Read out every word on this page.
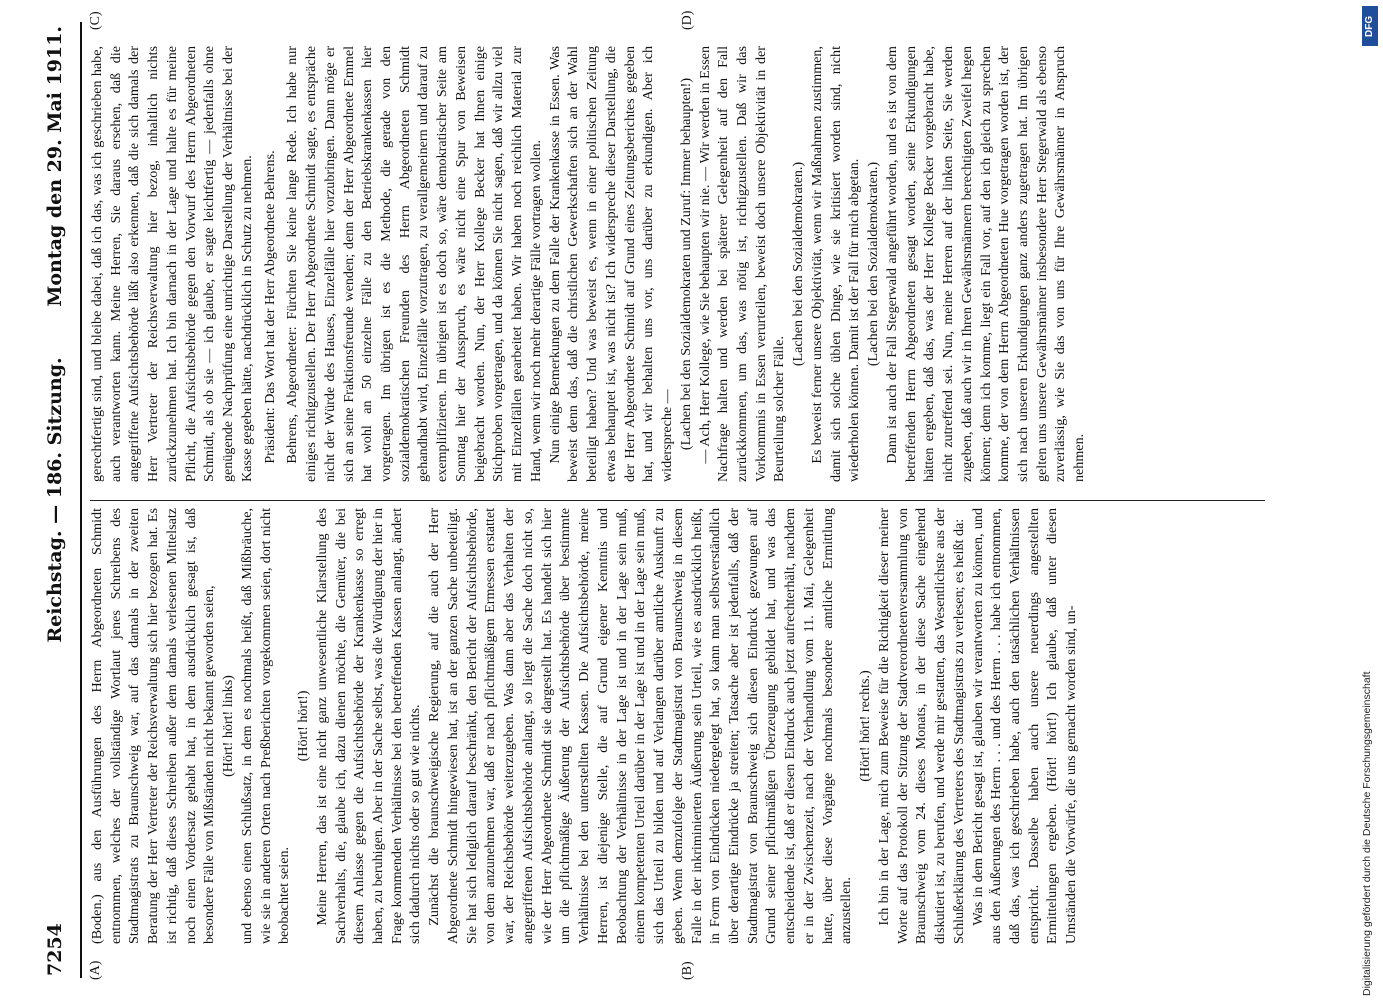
7254
Reichstag. — 186. Sitzung.
Montag den 29. Mai 1911.
(A)	(B)
(C)	(D)

(Boden.) aus den Ausführungen des Herrn Abgeordneten Schmidt entnommen, welches der vollständige Wortlaut jenes Schreibens des Stadtmagistrats zu Braunschweig war, auf das damals in der zweiten Beratung der Herr Vertreter der Reichsverwaltung sich hier bezogen hat. Es ist richtig, daß dieses Schreiben außer dem damals verlesenen Mittelsatz noch einen Vordersatz gehabt hat, in dem ausdrücklich gesagt ist, daß besondere Fälle von Mißständen nicht bekannt geworden seien, (Hört! hört! links) und ebenso einen Schlußsatz, in dem es nochmals heißt, daß Mißbräuche, wie sie in anderen Orten nach Preßberichten vorgekommen seien, dort nicht beobachtet seien.

(Hört! hört!) Meine Herren, das ist eine nicht ganz unwesentliche Klarstellung des Sachverhalts, die, glaube ich, dazu dienen möchte, die Gemüter, die bei diesem Anlasse gegen die Aufsichtsbehörde der Krankenkasse so erregt haben, zu beruhigen. Aber in der Sache selbst, was die Würdigung der hier in Frage kommenden Verhältnisse bei den betreffenden Kassen anlangt, ändert sich dadurch nichts oder so gut wie nichts. Zunächst die braunschweigische Regierung, auf die auch der Herr Abgeordnete Schmidt hingewiesen hat, ist an der ganzen Sache unbeteiligt. Sie hat sich lediglich darauf beschränkt, den Bericht der Aufsichtsbehörde, von dem anzunehmen war, daß er nach pflichtmäßigem Ermessen erstattet war, der Reichsbehörde weiterzugeben. Was dann aber das Verhalten der angegriffenen Aufsichtsbehörde anlangt, so liegt die Sache doch nicht so, wie der Herr Abgeordnete Schmidt sie dargestellt hat. Es handelt sich hier um die pflichtmäßige Äußerung der Aufsichtsbehörde über bestimmte Verhältnisse bei den unterstellten Kassen. Die Aufsichtsbehörde, meine Herren, ist diejenige Stelle, die auf Grund eigener Kenntnis und Beobachtung der Verhältnisse in der Lage ist und in der Lage sein muß, einem kompetenten Urteil darüber in der Lage ist und in der Lage sein muß, sich das Urteil zu bilden und auf Verlangen darüber amtliche Auskunft zu geben. Wenn demzufolge der Stadtmagistrat von Braunschweig in diesem Falle in der inkriminierten Äußerung sein Urteil, wie es ausdrücklich heißt, in Form von Eindrücken niedergelegt hat, so kann man selbstverständlich über derartige Eindrücke ja streiten; Tatsache aber ist jedenfalls, daß der Stadtmagistrat von Braunschweig sich diesen Eindruck gezwungen auf Grund seiner pflichtmäßigen Überzeugung gebildet hat, und was das entscheidende ist, daß er diesen Eindruck auch jetzt aufrechterhält, nachdem er in der Zwischenzeit, nach der Verhandlung vom 11. Mai, Gelegenheit hatte, über diese Vorgänge nochmals besondere amtliche Ermittlung anzustellen.

(Hört! hört! rechts.) Ich bin in der Lage, mich zum Beweise für die Richtigkeit dieser meiner Worte auf das Protokoll der Sitzung der Stadtverordnetenversammlung von Braunschweig vom 24. dieses Monats, in der diese Sache eingehend diskutiert ist, zu berufen, und werde mir gestatten, das Wesentlichste aus der Schlußerklärung des Vertreters des Stadtmagistrats zu verlesen; es heißt da: Was in dem Bericht gesagt ist, glauben wir verantworten zu können, und aus den Äußerungen des Herrn . . . und des Herrn . . . habe ich entnommen, daß das, was ich geschrieben habe, auch den tatsächlichen Verhältnissen entspricht. Dasselbe haben auch unsere neuerdings angestellten Ermittelungen ergeben. (Hört! hört!) Ich glaube, daß unter diesen Umständen die Vorwürfe, die uns gemacht worden sind, un-

gerechtfertigt sind, und bleibe dabei, daß ich das, was ich geschrieben habe, auch verantworten kann. Meine Herren, Sie daraus ersehen, daß die angegriffene Aufsichtsbehörde läßt also erkennen, daß die sich damals der Herr Vertreter der Reichsverwaltung hier bezog, inhaltlich nichts zurückzunehmen hat. Ich bin darnach in der Lage und halte es für meine Pflicht, die Aufsichtsbehörde gegen den Vorwurf des Herrn Abgeordneten Schmidt, als ob sie — ich glaube, er sagte leichtfertig — jedenfalls ohne genügende Nachprüfung eine unrichtige Darstellung der Verhältnisse bei der Kasse gegeben hätte, nachdrücklich in Schutz zu nehmen. Präsident: Das Wort hat der Herr Abgeordnete Behrens. Behrens, Abgeordneter: Fürchten Sie keine lange Rede. Ich habe nur einiges richtigzustellen. Der Herr Abgeordnete Schmidt sagte, es entspräche nicht der Würde des Hauses, Einzelfälle hier vorzubringen. Dann möge er sich an seine Fraktionsfreunde wenden; denn der Herr Abgeordnete Emmel hat wohl an 50 einzelne Fälle zu den Betriebskrankenkassen hier vorgetragen. Im übrigen ist es die Methode, die gerade von den sozialdemokratischen Freunden des Herrn Abgeordneten Schmidt gehandhabt wird, Einzelfälle vorzutragen, zu verallgemeinern und darauf zu exemplifizieren. Im übrigen ist es doch so, wäre demokratischer Seite am Sonntag hier der Ausspruch, es wäre nicht eine Spur von Beweisen beigebracht worden. Nun, der Herr Kollege Becker hat Ihnen einige Stichproben vorgetragen, und da können Sie nicht sagen, daß wir allzu viel mit Einzelfällen gearbeitet haben. Wir haben noch reichlich Material zur Hand, wenn wir noch mehr derartige Fälle vortragen wollen. Nun einige Bemerkungen zu dem Falle der Krankenkasse in Essen. Was beweist denn das, daß die christlichen Gewerkschaften sich an der Wahl beteiligt haben? Und was beweist es, wenn in einer politischen Zeitung etwas behauptet ist, was nicht ist? Ich widerspreche dieser Darstellung, die der Herr Abgeordnete Schmidt auf Grund eines Zeitungsberichtes gegeben hat, und wir behalten uns vor, uns darüber zu erkundigen. Aber ich widerspreche — (Lachen bei den Sozialdemokraten und Zuruf: Immer behaupten!) — Ach, Herr Kollege, wie Sie behaupten wir nie. — Wir werden in Essen Nachfrage halten und werden bei späterer Gelegenheit auf den Fall zurückkommen, um das, was nötig ist, richtigzustellen. Daß wir das Vorkommnis in Essen verurteilen, beweist doch unsere Objektivität in der Beurteilung solcher Fälle.

(Lachen bei den Sozialdemokraten.) Es beweist ferner unsere Objektivität, wenn wir Maßnahmen zustimmen, damit sich solche üblen Dinge, wie sie kritisiert worden sind, nicht wiederholen können. Damit ist der Fall für mich abgetan. (Lachen bei den Sozialdemokraten.) Dann ist auch der Fall Stegerwald angeführt worden, und es ist von dem betreffenden Herrn Abgeordneten gesagt worden, seine Erkundigungen hätten ergeben, daß das, was der Herr Kollege Becker vorgebracht habe, nicht zutreffend sei. Nun, meine Herren auf der linken Seite, Sie werden zugeben, daß auch wir in Ihren Gewährsmännern berechtigten Zweifel hegen können; denn ich komme, liegt ein Fall vor, auf den ich gleich zu sprechen komme, der von dem Herrn Abgeordneten Hue vorgetragen worden ist, der sich nach unseren Erkundigungen ganz anders zugetragen hat. Im übrigen gelten uns unsere Gewährsmänner insbesondere Herr Stegerwald als ebenso zuverlässig, wie Sie das von uns für Ihre Gewährsmänner in Anspruch nehmen.

DFG
Digitalisierung gefördert durch die Deutsche Forschungsgemeinschaft
